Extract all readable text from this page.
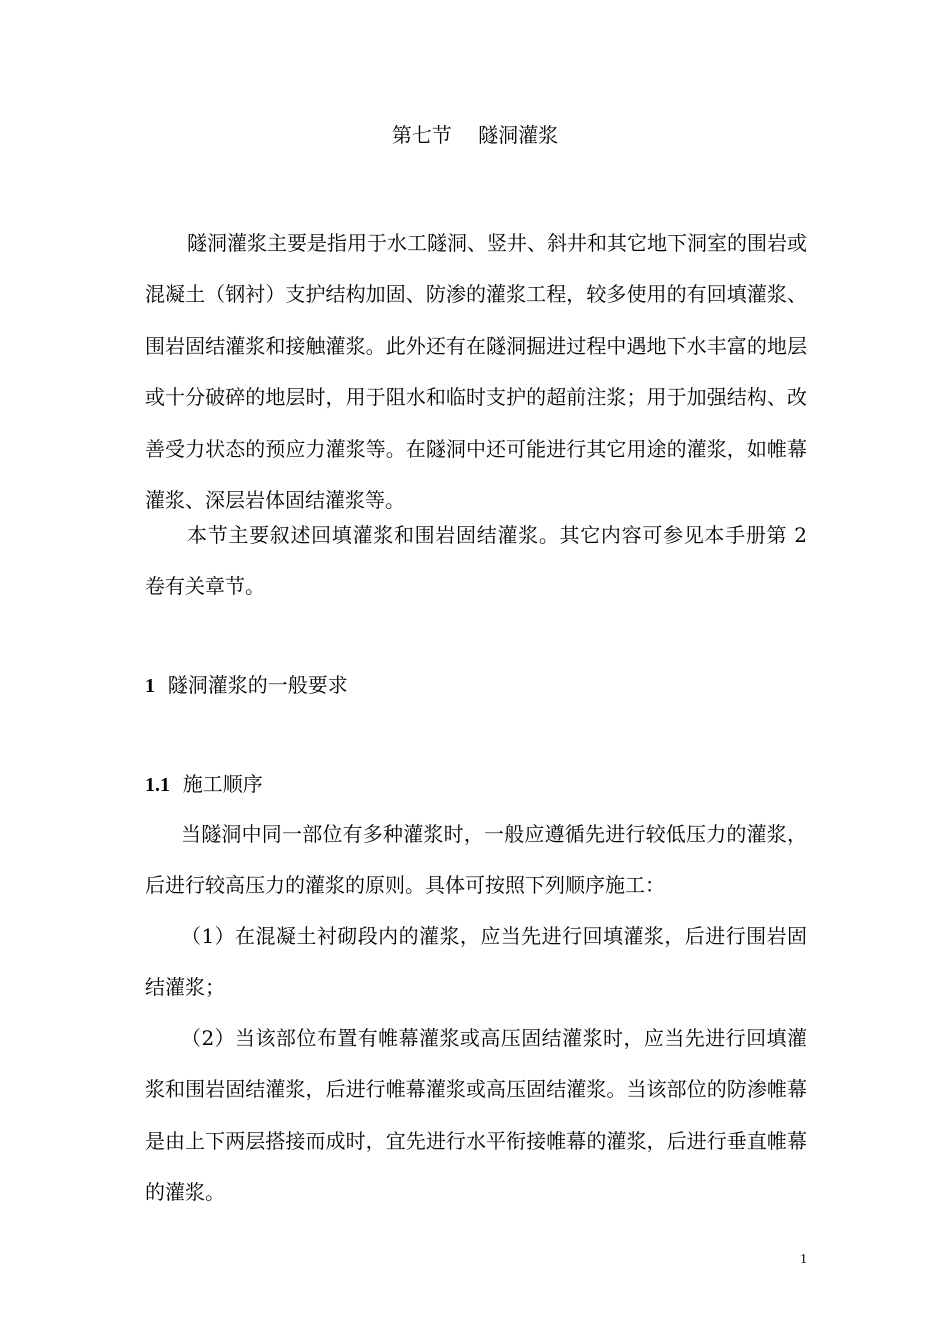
第七节　 隧洞灌浆
隧洞灌浆主要是指用于水工隧洞、竖井、斜井和其它地下洞室的围岩或混凝土（钢衬）支护结构加固、防渗的灌浆工程，较多使用的有回填灌浆、围岩固结灌浆和接触灌浆。此外还有在隧洞掘进过程中遇地下水丰富的地层或十分破碎的地层时，用于阻水和临时支护的超前注浆；用于加强结构、改善受力状态的预应力灌浆等。在隧洞中还可能进行其它用途的灌浆，如帷幕灌浆、深层岩体固结灌浆等。
本节主要叙述回填灌浆和围岩固结灌浆。其它内容可参见本手册第 2 卷有关章节。
1 隧洞灌浆的一般要求
1.1 施工顺序
当隧洞中同一部位有多种灌浆时，一般应遵循先进行较低压力的灌浆，后进行较高压力的灌浆的原则。具体可按照下列顺序施工：
（1）在混凝土衬砌段内的灌浆，应当先进行回填灌浆，后进行围岩固结灌浆；
（2）当该部位布置有帷幕灌浆或高压固结灌浆时，应当先进行回填灌浆和围岩固结灌浆，后进行帷幕灌浆或高压固结灌浆。当该部位的防渗帷幕是由上下两层搭接而成时，宜先进行水平衔接帷幕的灌浆，后进行垂直帷幕的灌浆。
1
